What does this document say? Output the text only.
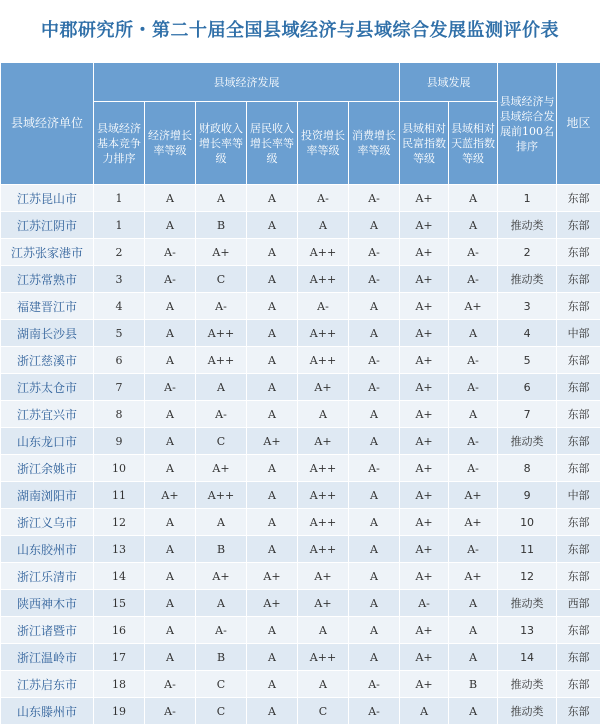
中郡研究所・第二十届全国县域经济与县域综合发展监测评价表
县域经济单位	县域经济发展						县域发展		县域经济与县域综合发展前100名排序	地区
	县域经济基本竞争力排序	经济增长率等级	财政收入增长率等级	居民收入增长率等级	投资增长率等级	消费增长率等级	县域相对民富指数等级	县域相对天蓝指数等级		
江苏昆山市	1	A	A	A	A-	A-	A+	A	1	东部
江苏江阴市	1	A	B	A	A	A	A+	A	推动类	东部
江苏张家港市	2	A-	A+	A	A++	A-	A+	A-	2	东部
江苏常熟市	3	A-	C	A	A++	A-	A+	A-	推动类	东部
福建晋江市	4	A	A-	A	A-	A	A+	A+	3	东部
湖南长沙县	5	A	A++	A	A++	A	A+	A	4	中部
浙江慈溪市	6	A	A++	A	A++	A-	A+	A-	5	东部
江苏太仓市	7	A-	A	A	A+	A-	A+	A-	6	东部
江苏宜兴市	8	A	A-	A	A	A	A+	A	7	东部
山东龙口市	9	A	C	A+	A+	A	A+	A-	推动类	东部
浙江余姚市	10	A	A+	A	A++	A-	A+	A-	8	东部
湖南浏阳市	11	A+	A++	A	A++	A	A+	A+	9	中部
浙江义乌市	12	A	A	A	A++	A	A+	A+	10	东部
山东胶州市	13	A	B	A	A++	A	A+	A-	11	东部
浙江乐清市	14	A	A+	A+	A+	A	A+	A+	12	东部
陕西神木市	15	A	A	A+	A+	A	A-	A	推动类	西部
浙江诸暨市	16	A	A-	A	A	A	A+	A	13	东部
浙江温岭市	17	A	B	A	A++	A	A+	A	14	东部
江苏启东市	18	A-	C	A	A	A-	A+	B	推动类	东部
山东滕州市	19	A-	C	A	C	A-	A	A	推动类	东部
